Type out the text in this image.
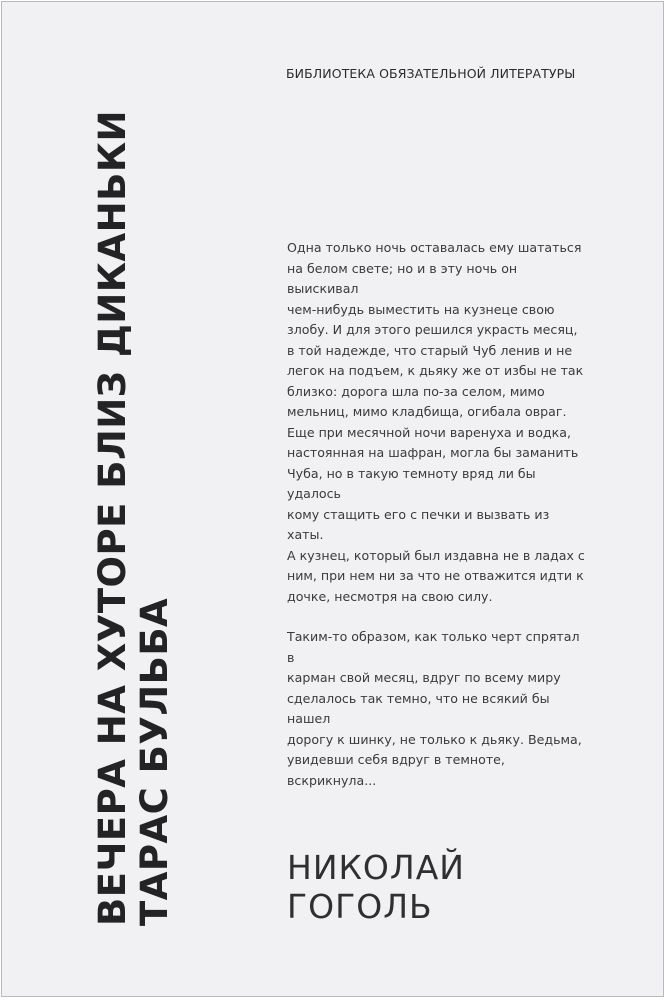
БИБЛИОТЕКА ОБЯЗАТЕЛЬНОЙ ЛИТЕРАТУРЫ
ВЕЧЕРА НА ХУТОРЕ БЛИЗ ДИКАНЬКИ ТАРАС БУЛЬБА

Одна только ночь оставалась ему шататься
на белом свете; но и в эту ночь он выискивал
чем-нибудь выместить на кузнеце свою
злобу. И для этого решился украсть месяц,
в той надежде, что старый Чуб ленив и не
легок на подъем, к дьяку же от избы не так
близко: дорога шла по-за селом, мимо
мельниц, мимо кладбища, огибала овраг.
Еще при месячной ночи варенуха и водка,
настоянная на шафран, могла бы заманить
Чуба, но в такую темноту вряд ли бы удалось
кому стащить его с печки и вызвать из хаты.
А кузнец, который был издавна не в ладах с
ним, при нем ни за что не отважится идти к
дочке, несмотря на свою силу.

Таким-то образом, как только черт спрятал в
карман свой месяц, вдруг по всему миру
сделалось так темно, что не всякий бы нашел
дорогу к шинку, не только к дьяку. Ведьма,
увидевши себя вдруг в темноте, вскрикнула...

НИКОЛАЙ
ГОГОЛЬ
